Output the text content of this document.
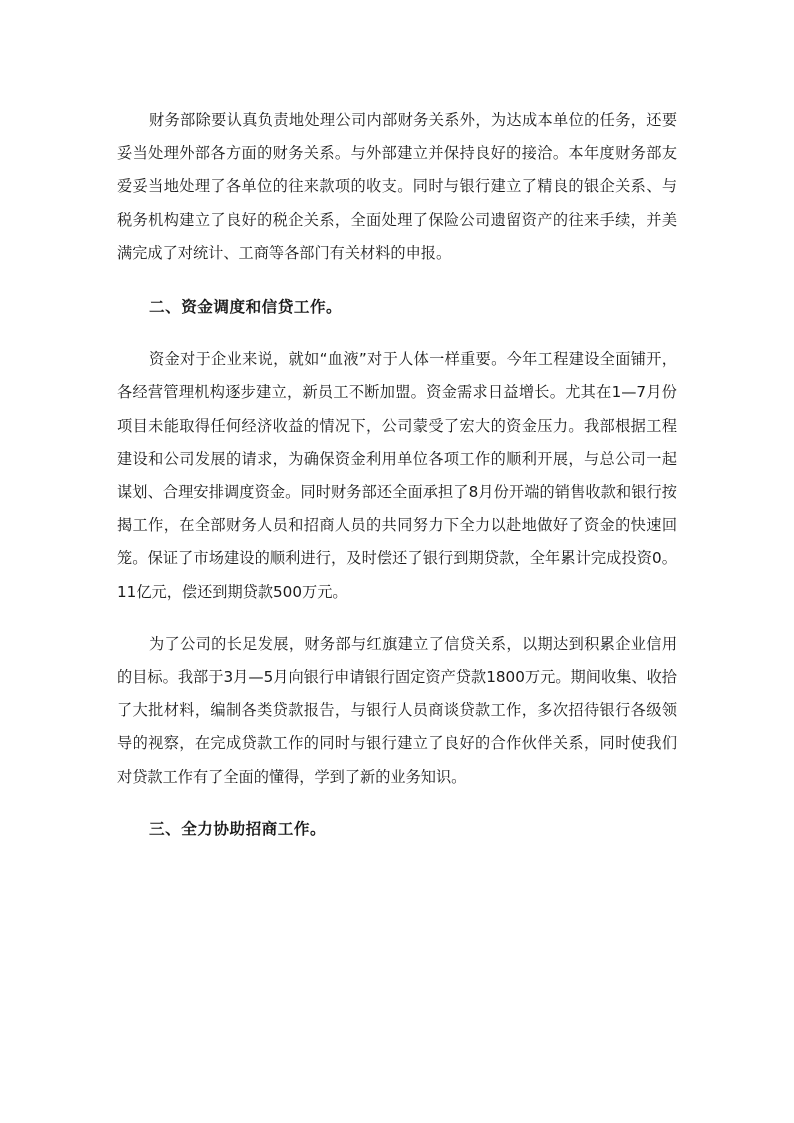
财务部除要认真负责地处理公司内部财务关系外，为达成本单位的任务，还要妥当处理外部各方面的财务关系。与外部建立并保持良好的接洽。本年度财务部友爱妥当地处理了各单位的往来款项的收支。同时与银行建立了精良的银企关系、与税务机构建立了良好的税企关系，全面处理了保险公司遗留资产的往来手续，并美满完成了对统计、工商等各部门有关材料的申报。

二、资金调度和信贷工作。

资金对于企业来说，就如“血液”对于人体一样重要。今年工程建设全面铺开，各经营管理机构逐步建立，新员工不断加盟。资金需求日益增长。尤其在1—7月份项目未能取得任何经济收益的情况下，公司蒙受了宏大的资金压力。我部根据工程建设和公司发展的请求，为确保资金利用单位各项工作的顺利开展，与总公司一起谋划、合理安排调度资金。同时财务部还全面承担了8月份开端的销售收款和银行按揭工作，在全部财务人员和招商人员的共同努力下全力以赴地做好了资金的快速回笼。保证了市场建设的顺利进行，及时偿还了银行到期贷款，全年累计完成投资0。11亿元，偿还到期贷款500万元。

为了公司的长足发展，财务部与红旗建立了信贷关系，以期达到积累企业信用的目标。我部于3月—5月向银行申请银行固定资产贷款1800万元。期间收集、收拾了大批材料，编制各类贷款报告，与银行人员商谈贷款工作，多次招待银行各级领导的视察，在完成贷款工作的同时与银行建立了良好的合作伙伴关系，同时使我们对贷款工作有了全面的懂得，学到了新的业务知识。

三、全力协助招商工作。
